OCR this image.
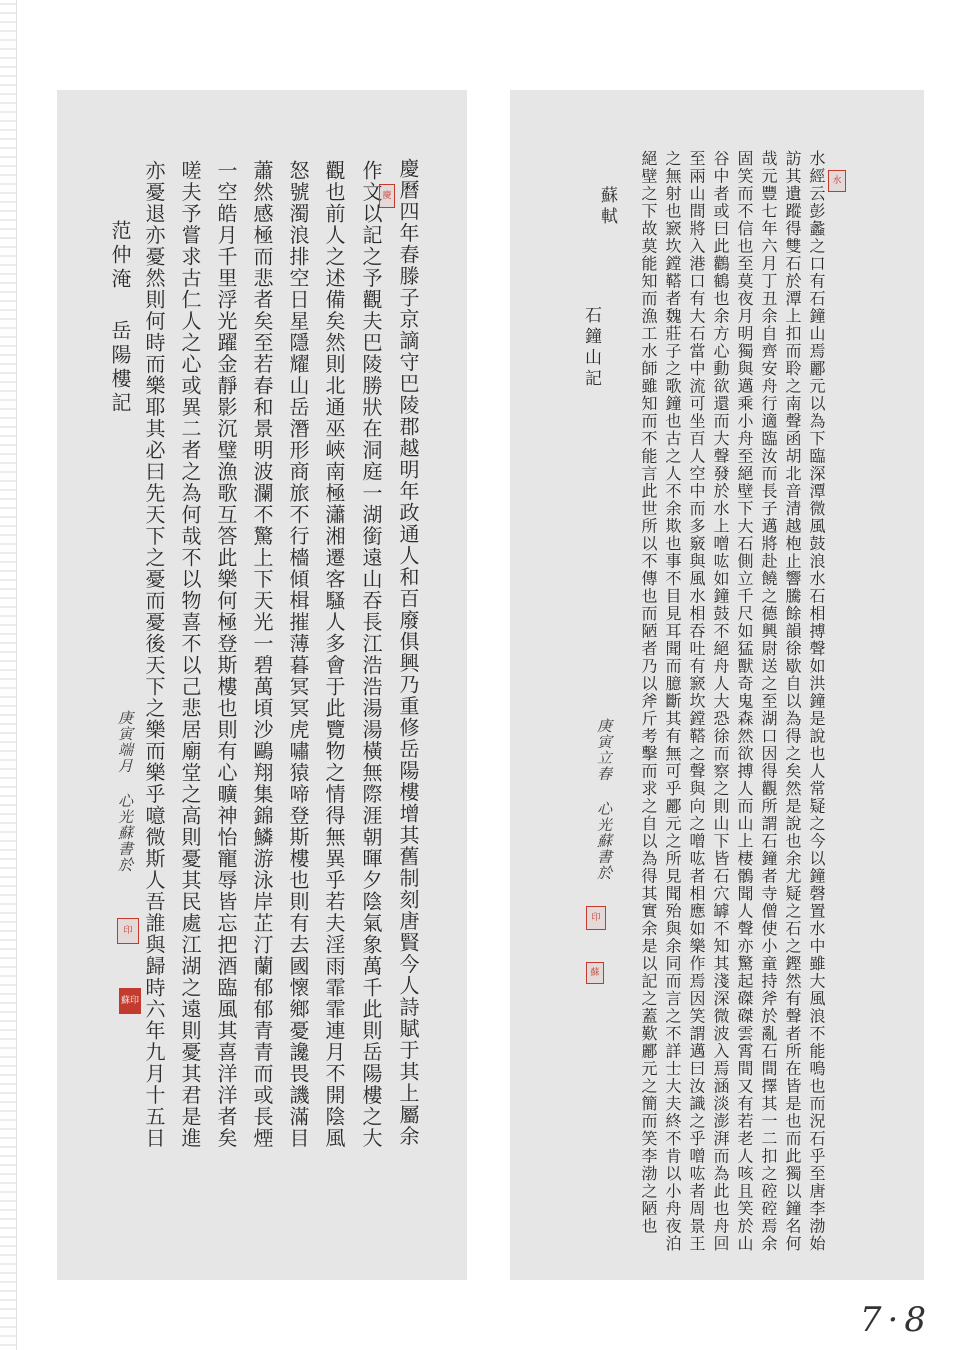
慶曆四年春滕子京謫守巴陵郡越明年政通人和百廢俱興乃重修岳陽樓增其舊制刻唐賢今人詩賦于其上屬余
作文以記之予觀夫巴陵勝狀在洞庭一湖銜遠山吞長江浩浩湯湯橫無際涯朝暉夕陰氣象萬千此則岳陽樓之大
觀也前人之述備矣然則北通巫峽南極瀟湘遷客騷人多會于此覽物之情得無異乎若夫淫雨霏霏連月不開陰風
怒號濁浪排空日星隱耀山岳潛形商旅不行檣傾楫摧薄暮冥冥虎嘯猿啼登斯樓也則有去國懷鄉憂讒畏譏滿目
蕭然感極而悲者矣至若春和景明波瀾不驚上下天光一碧萬頃沙鷗翔集錦鱗游泳岸芷汀蘭郁郁青青而或長煙
一空皓月千里浮光躍金靜影沉璧漁歌互答此樂何極登斯樓也則有心曠神怡寵辱皆忘把酒臨風其喜洋洋者矣
嗟夫予嘗求古仁人之心或異二者之為何哉不以物喜不以己悲居廟堂之高則憂其民處江湖之遠則憂其君是進
亦憂退亦憂然則何時而樂耶其必曰先天下之憂而憂後天下之樂而樂乎噫微斯人吾誰與歸時六年九月十五日
岳陽樓記
范仲淹
庚寅端月 心光蘇書於
慶
印
蘇印	水經云彭蠡之口有石鐘山焉酈元以為下臨深潭微風鼓浪水石相搏聲如洪鐘是說也人常疑之今以鐘磬置水中雖大風浪不能鳴也而況石乎至唐李渤始
訪其遺蹤得雙石於潭上扣而聆之南聲函胡北音清越枹止響騰餘韻徐歇自以為得之矣然是說也余尤疑之石之鏗然有聲者所在皆是也而此獨以鐘名何
哉元豐七年六月丁丑余自齊安舟行適臨汝而長子邁將赴饒之德興尉送之至湖口因得觀所謂石鐘者寺僧使小童持斧於亂石間擇其一二扣之硿硿焉余
固笑而不信也至莫夜月明獨與邁乘小舟至絕壁下大石側立千尺如猛獸奇鬼森然欲搏人而山上棲鶻聞人聲亦驚起磔磔雲霄間又有若老人咳且笑於山
谷中者或曰此鸛鶴也余方心動欲還而大聲發於水上噌吰如鐘鼓不絕舟人大恐徐而察之則山下皆石穴罅不知其淺深微波入焉涵淡澎湃而為此也舟回
至兩山間將入港口有大石當中流可坐百人空中而多竅與風水相吞吐有窾坎鏜鞳之聲與向之噌吰者相應如樂作焉因笑謂邁曰汝識之乎噌吰者周景王
之無射也窾坎鏜鞳者魏莊子之歌鐘也古之人不余欺也事不目見耳聞而臆斷其有無可乎酈元之所見聞殆與余同而言之不詳士大夫終不肯以小舟夜泊
絕壁之下故莫能知而漁工水師雖知而不能言此世所以不傳也而陋者乃以斧斤考擊而求之自以為得其實余是以記之蓋歎酈元之簡而笑李渤之陋也
蘇軾
石鐘山記
庚寅立春 心光蘇書於
水
印
蘇
7·8
